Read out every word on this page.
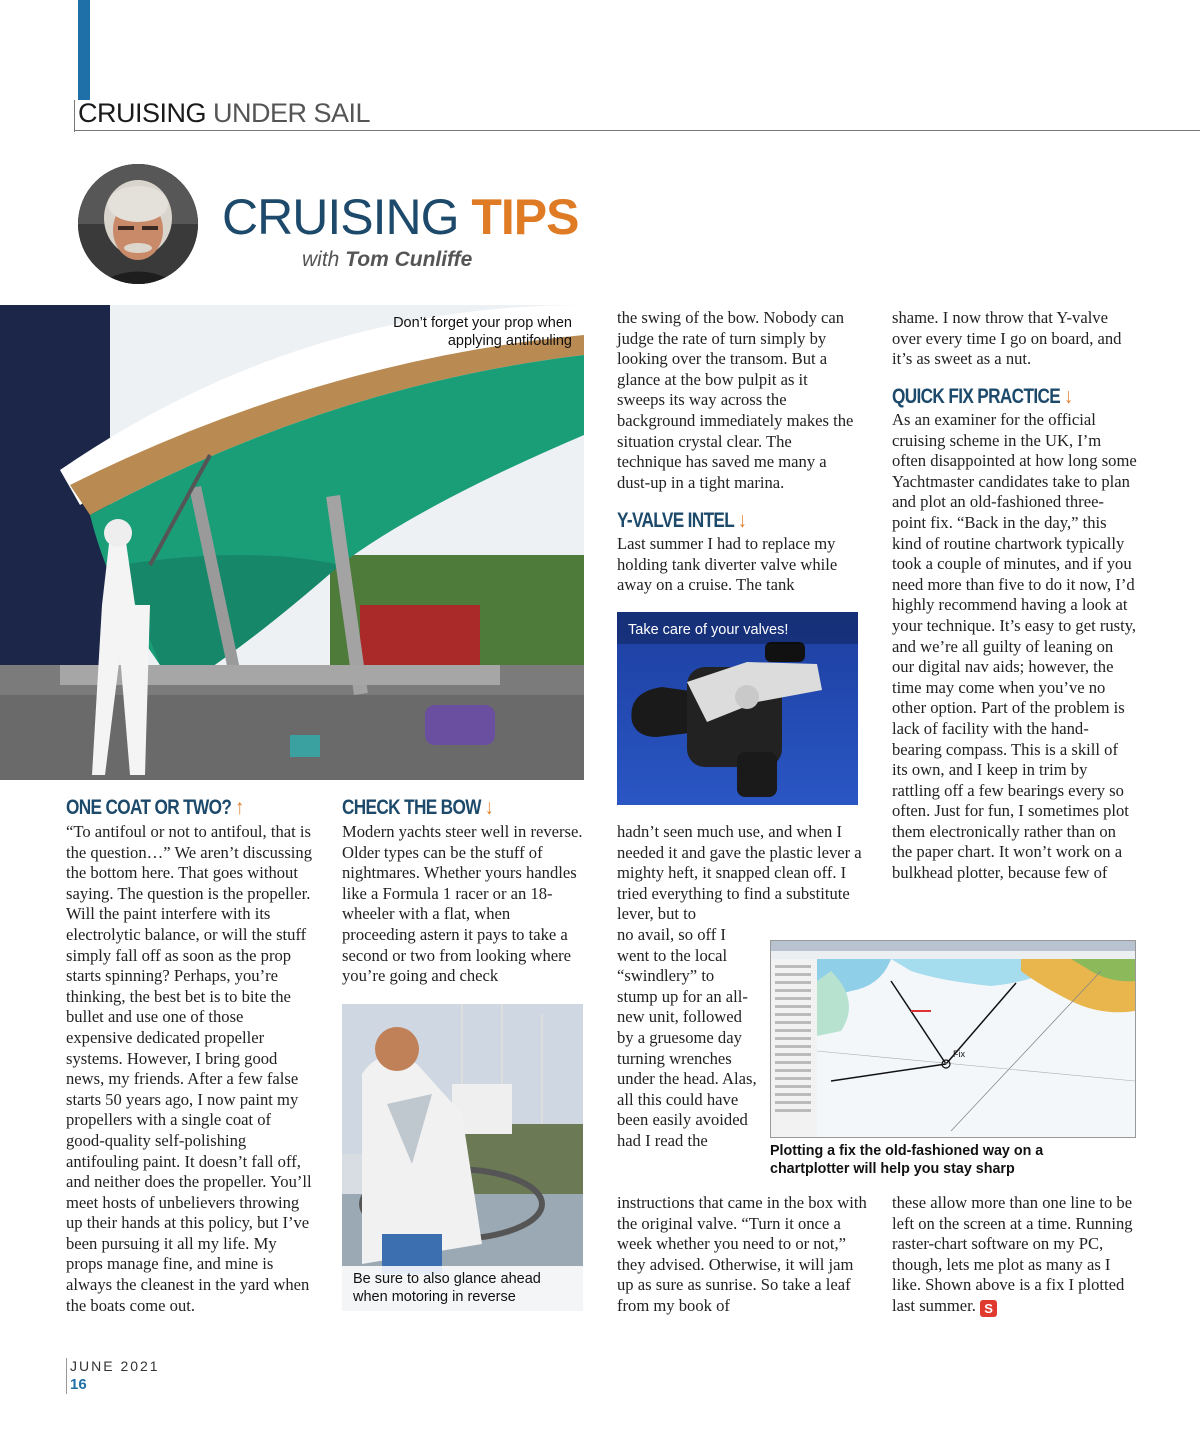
CRUISING UNDER SAIL
CRUISING TIPS
with Tom Cunliffe
Don’t forget your prop when applying antifouling
ONE COAT OR TWO? ↑

“To antifoul or not to antifoul, that is the question…” We aren’t discussing the bottom here. That goes without saying. The question is the propeller. Will the paint interfere with its electrolytic balance, or will the stuff simply fall off as soon as the prop starts spinning? Perhaps, you’re thinking, the best bet is to bite the bullet and use one of those expensive dedicated propeller systems. However, I bring good news, my friends. After a few false starts 50 years ago, I now paint my propellers with a single coat of good-quality self-polishing antifouling paint. It doesn’t fall off, and neither does the propeller. You’ll meet hosts of unbelievers throwing up their hands at this policy, but I’ve been pursuing it all my life. My props manage fine, and mine is always the cleanest in the yard when the boats come out.

CHECK THE BOW ↓

Modern yachts steer well in reverse. Older types can be the stuff of nightmares. Whether yours handles like a Formula 1 racer or an 18-wheeler with a flat, when proceeding astern it pays to take a second or two from looking where you’re going and check

Be sure to also glance ahead when motoring in reverse

the swing of the bow. Nobody can judge the rate of turn simply by looking over the transom. But a glance at the bow pulpit as it sweeps its way across the background immediately makes the situation crystal clear. The technique has saved me many a dust-up in a tight marina.

Y-VALVE INTEL ↓

Last summer I had to replace my holding tank diverter valve while away on a cruise. The tank

Take care of your valves!

hadn’t seen much use, and when I needed it and gave the plastic lever a mighty heft, it snapped clean off. I tried everything to find a substitute lever, but to

no avail, so off I went to the local “swindlery” to stump up for an all-new unit, followed by a gruesome day turning wrenches under the head. Alas, all this could have been easily avoided had I read the

Fix
Plotting a fix the old-fashioned way on a chartplotter will help you stay sharp

instructions that came in the box with the original valve. “Turn it once a week whether you need to or not,” they advised. Otherwise, it will jam up as sure as sunrise. So take a leaf from my book of

shame. I now throw that Y-valve over every time I go on board, and it’s as sweet as a nut.

QUICK FIX PRACTICE ↓

As an examiner for the official cruising scheme in the UK, I’m often disappointed at how long some Yachtmaster candidates take to plan and plot an old-fashioned three-point fix. “Back in the day,” this kind of routine chartwork typically took a couple of minutes, and if you need more than five to do it now, I’d highly recommend having a look at your technique. It’s easy to get rusty, and we’re all guilty of leaning on our digital nav aids; however, the time may come when you’ve no other option. Part of the problem is lack of facility with the hand-bearing compass. This is a skill of its own, and I keep in trim by rattling off a few bearings every so often. Just for fun, I sometimes plot them electronically rather than on the paper chart. It won’t work on a bulkhead plotter, because few of

these allow more than one line to be left on the screen at a time. Running raster-chart software on my PC, though, lets me plot as many as I like. Shown above is a fix I plotted last summer. S

JUNE 2021
16
